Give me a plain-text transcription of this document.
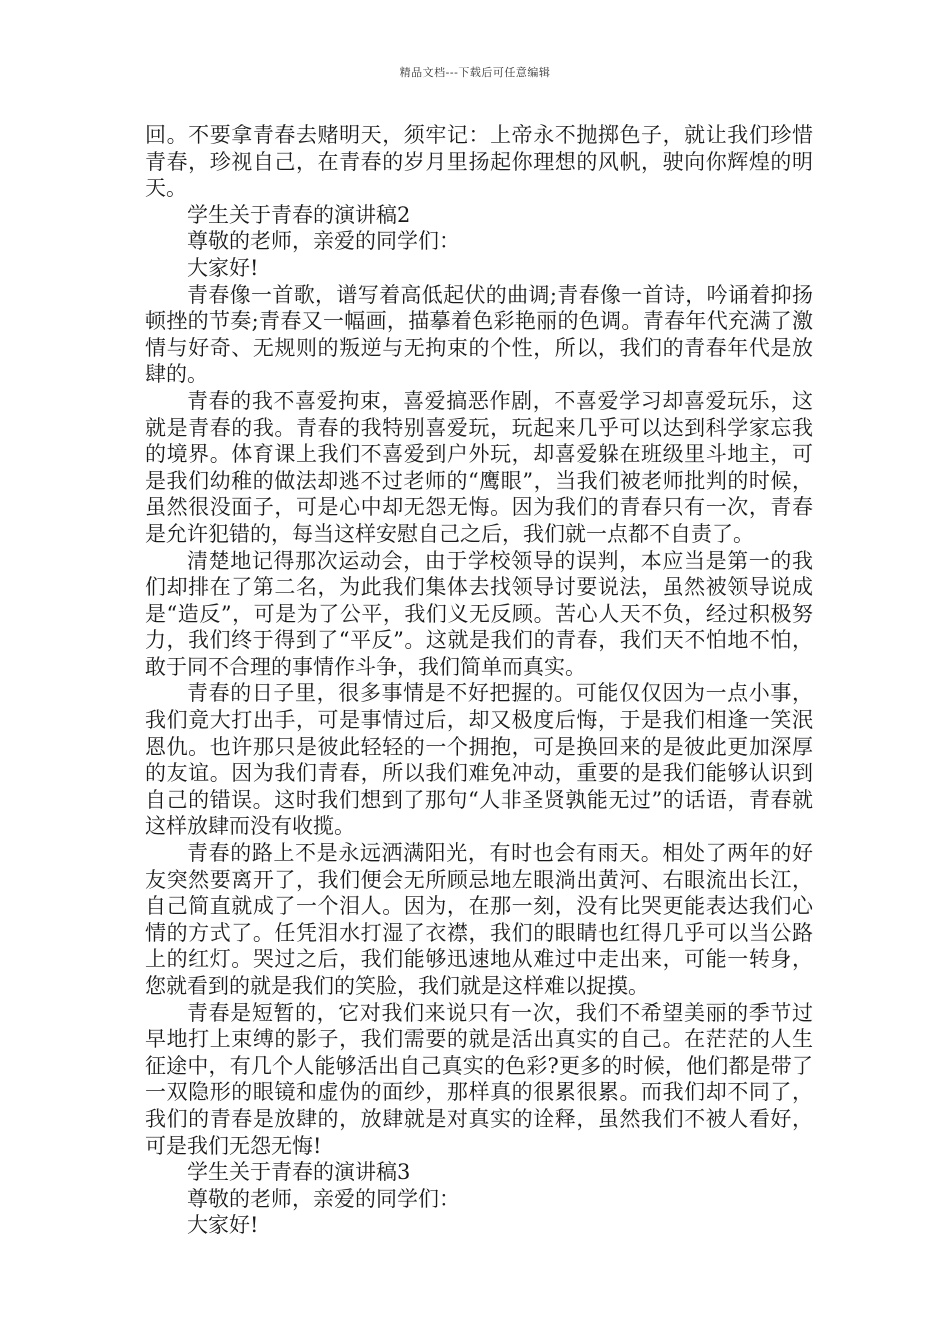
精品文档---下载后可任意编辑

回。不要拿青春去赌明天，须牢记：上帝永不抛掷色子，就让我们珍惜青春，珍视自己，在青春的岁月里扬起你理想的风帆，驶向你辉煌的明天。

学生关于青春的演讲稿2

尊敬的老师，亲爱的同学们：

大家好!

青春像一首歌，谱写着高低起伏的曲调;青春像一首诗，吟诵着抑扬顿挫的节奏;青春又一幅画，描摹着色彩艳丽的色调。青春年代充满了激情与好奇、无规则的叛逆与无拘束的个性，所以，我们的青春年代是放肆的。

青春的我不喜爱拘束，喜爱搞恶作剧，不喜爱学习却喜爱玩乐，这就是青春的我。青春的我特别喜爱玩，玩起来几乎可以达到科学家忘我的境界。体育课上我们不喜爱到户外玩，却喜爱躲在班级里斗地主，可是我们幼稚的做法却逃不过老师的“鹰眼”，当我们被老师批判的时候，虽然很没面子，可是心中却无怨无悔。因为我们的青春只有一次，青春是允许犯错的，每当这样安慰自己之后，我们就一点都不自责了。

清楚地记得那次运动会，由于学校领导的误判，本应当是第一的我们却排在了第二名，为此我们集体去找领导讨要说法，虽然被领导说成是“造反”，可是为了公平，我们义无反顾。苦心人天不负，经过积极努力，我们终于得到了“平反”。这就是我们的青春，我们天不怕地不怕，敢于同不合理的事情作斗争，我们简单而真实。

青春的日子里，很多事情是不好把握的。可能仅仅因为一点小事，我们竟大打出手，可是事情过后，却又极度后悔，于是我们相逢一笑泯恩仇。也许那只是彼此轻轻的一个拥抱，可是换回来的是彼此更加深厚的友谊。因为我们青春，所以我们难免冲动，重要的是我们能够认识到自己的错误。这时我们想到了那句“人非圣贤孰能无过”的话语，青春就这样放肆而没有收揽。

青春的路上不是永远洒满阳光，有时也会有雨天。相处了两年的好友突然要离开了，我们便会无所顾忌地左眼淌出黄河、右眼流出长江，自己简直就成了一个泪人。因为，在那一刻，没有比哭更能表达我们心情的方式了。任凭泪水打湿了衣襟，我们的眼睛也红得几乎可以当公路上的红灯。哭过之后，我们能够迅速地从难过中走出来，可能一转身，您就看到的就是我们的笑脸，我们就是这样难以捉摸。

青春是短暂的，它对我们来说只有一次，我们不希望美丽的季节过早地打上束缚的影子，我们需要的就是活出真实的自己。在茫茫的人生征途中，有几个人能够活出自己真实的色彩?更多的时候，他们都是带了一双隐形的眼镜和虚伪的面纱，那样真的很累很累。而我们却不同了，我们的青春是放肆的，放肆就是对真实的诠释，虽然我们不被人看好，可是我们无怨无悔!

学生关于青春的演讲稿3

尊敬的老师，亲爱的同学们：

大家好!
